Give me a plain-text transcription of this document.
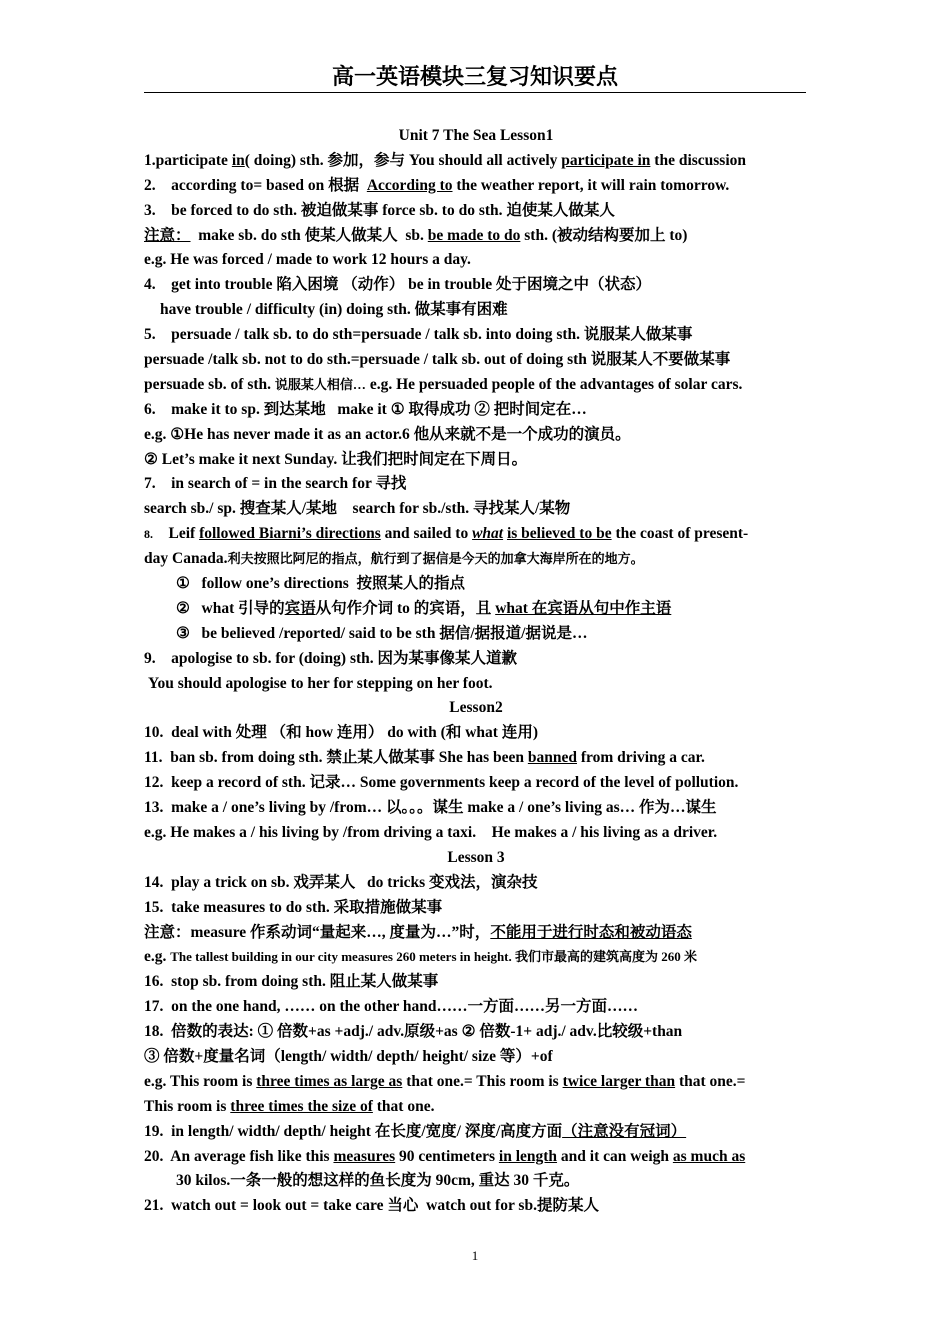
高一英语模块三复习知识要点
Unit 7 The Sea Lesson1
1.participate in( doing) sth. 参加，参与 You should all actively participate in the discussion
2.    according to= based on 根据  According to the weather report, it will rain tomorrow.
3.    be forced to do sth. 被迫做某事 force sb. to do sth. 迫使某人做某人
注意：  make sb. do sth 使某人做某人  sb. be made to do sth. (被动结构要加上 to)
e.g. He was forced / made to work 12 hours a day.
4.    get into trouble 陷入困境 （动作） be in trouble 处于困境之中（状态）
have trouble / difficulty (in) doing sth. 做某事有困难
5.    persuade / talk sb. to do sth=persuade / talk sb. into doing sth. 说服某人做某事
persuade /talk sb. not to do sth.=persuade / talk sb. out of doing sth 说服某人不要做某事
persuade sb. of sth. 说服某人相信… e.g. He persuaded people of the advantages of solar cars.
6.    make it to sp. 到达某地   make it ① 取得成功 ② 把时间定在…
e.g. ①He has never made it as an actor.6 他从来就不是一个成功的演员。
② Let’s make it next Sunday. 让我们把时间定在下周日。
7.    in search of = in the search for 寻找
search sb./ sp. 搜查某人/某地    search for sb./sth. 寻找某人/某物
8.    Leif followed Biarni’s directions and sailed to what is believed to be the coast of present-
day Canada.利夫按照比阿尼的指点，航行到了据信是今天的加拿大海岸所在的地方。
①   follow one’s directions  按照某人的指点
②   what 引导的宾语从句作介词 to 的宾语，且 what 在宾语从句中作主语
③   be believed /reported/ said to be sth 据信/据报道/据说是…
9.    apologise to sb. for (doing) sth. 因为某事像某人道歉
You should apologise to her for stepping on her foot.
Lesson2
10.  deal with 处理 （和 how 连用） do with (和 what 连用)
11.  ban sb. from doing sth. 禁止某人做某事 She has been banned from driving a car.
12.  keep a record of sth. 记录… Some governments keep a record of the level of pollution.
13.  make a / one’s living by /from… 以。。。谋生 make a / one’s living as… 作为…谋生
e.g. He makes a / his living by /from driving a taxi.    He makes a / his living as a driver.
Lesson 3
14.  play a trick on sb. 戏弄某人   do tricks 变戏法，演杂技
15.  take measures to do sth. 采取措施做某事
注意：measure 作系动词“量起来…, 度量为…”时，不能用于进行时态和被动语态
e.g. The tallest building in our city measures 260 meters in height. 我们市最高的建筑高度为 260 米
16.  stop sb. from doing sth. 阻止某人做某事
17.  on the one hand, …… on the other hand……一方面……另一方面……
18.  倍数的表达: ① 倍数+as +adj./ adv.原级+as ② 倍数-1+ adj./ adv.比较级+than
③ 倍数+度量名词（length/ width/ depth/ height/ size 等）+of
e.g. This room is three times as large as that one.= This room is twice larger than that one.=
This room is three times the size of that one.
19.  in length/ width/ depth/ height 在长度/宽度/ 深度/高度方面（注意没有冠词）
20.  An average fish like this measures 90 centimeters in length and it can weigh as much as
30 kilos.一条一般的想这样的鱼长度为 90cm, 重达 30 千克。
21.  watch out = look out = take care 当心  watch out for sb.提防某人
1
